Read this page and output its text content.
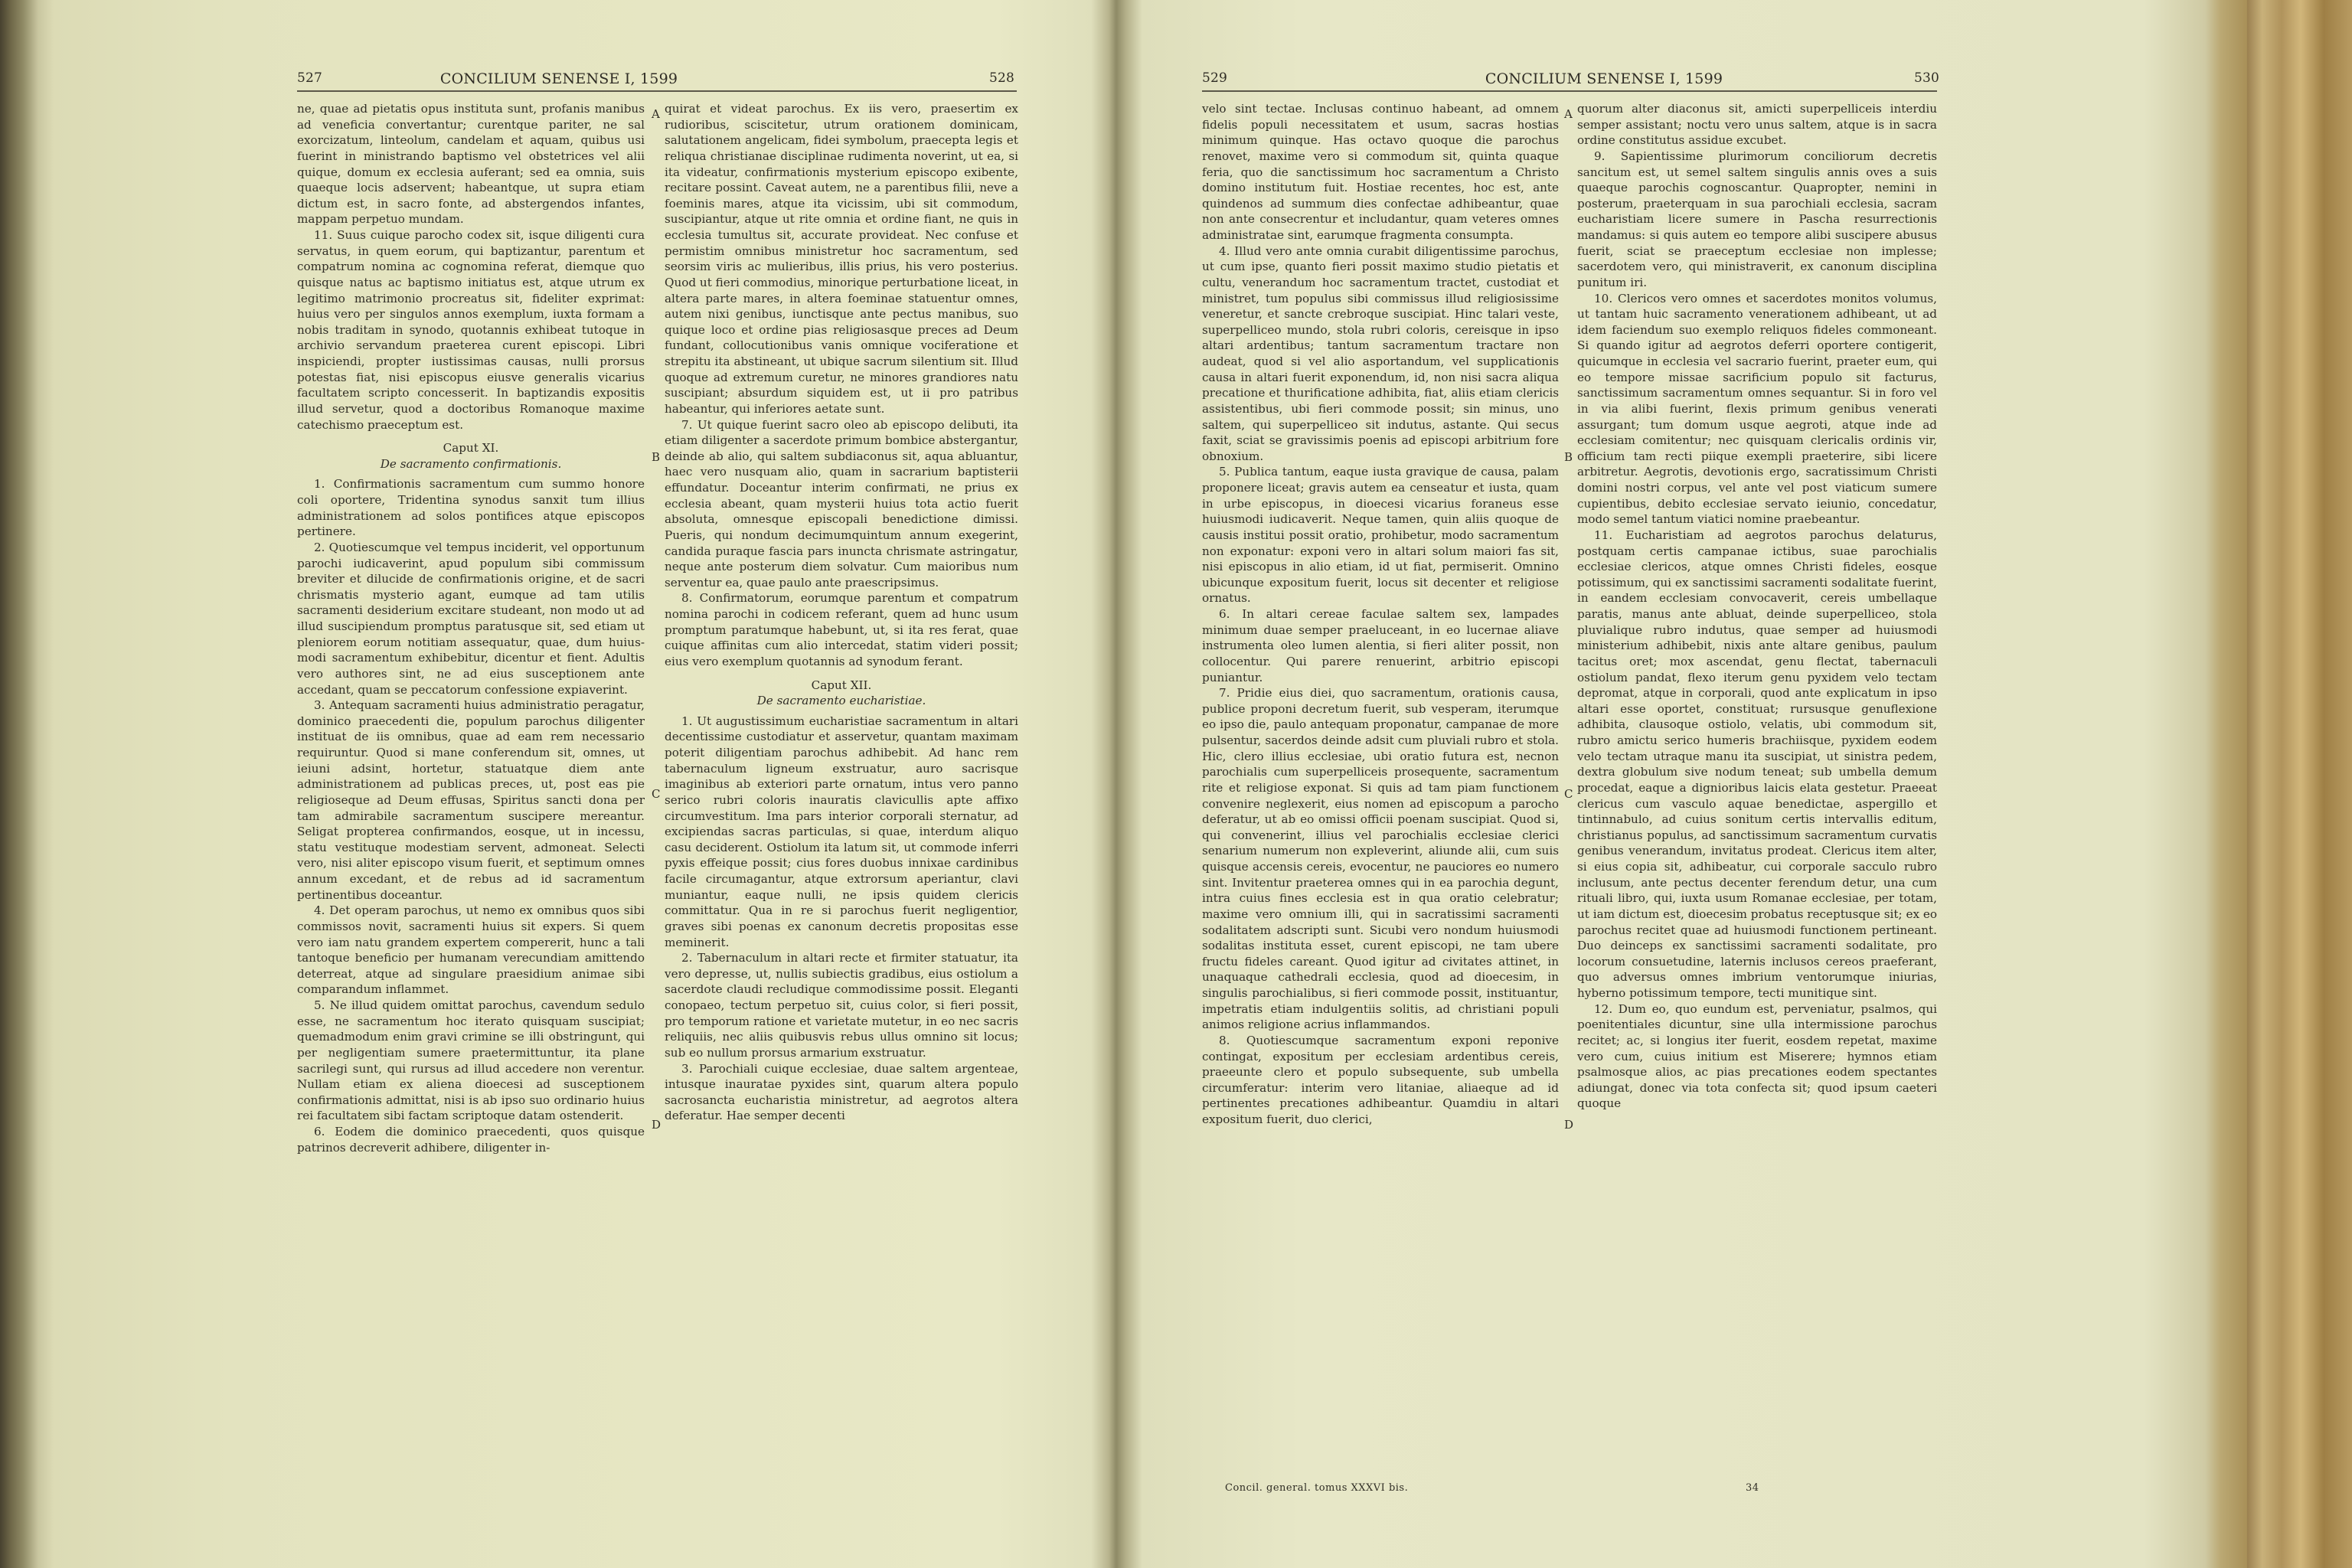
527	CONCILIUM SENENSE I, 1599	528

ne, quae ad pietatis opus instituta sunt, profanis manibus ad veneficia convertantur; curentque pariter, ne sal exorcizatum, linteolum, candelam et aquam, quibus usi fuerint in ministrando baptismo vel obstetrices vel alii quique, domum ex ecclesia auferant; sed ea omnia, suis quaeque locis adservent; habeantque, ut supra etiam dictum est, in sacro fonte, ad abstergendos infantes, mappam perpetuo mundam.

11. Suus cuique parocho codex sit, isque diligenti cura servatus, in quem eorum, qui baptizantur, parentum et compatrum nomina ac cognomina referat, diemque quo quisque natus ac baptismo initiatus est, atque utrum ex legitimo matrimonio procreatus sit, fideliter exprimat: huius vero per singulos annos exemplum, iuxta formam a nobis traditam in synodo, quotannis exhibeat tutoque in archivio servandum praeterea curent episcopi. Libri inspiciendi, propter iustissimas causas, nulli prorsus potestas fiat, nisi episcopus eiusve generalis vicarius facultatem scripto concesserit. In baptizandis expositis illud servetur, quod a doctoribus Romanoque maxime catechismo praeceptum est.

Caput XI.

De sacramento confirmationis.

1. Confirmationis sacramentum cum summo honore coli oportere, Tridentina synodus sanxit tum illius administrationem ad solos pontifices atque episcopos pertinere.

2. Quotiescumque vel tempus inciderit, vel opportunum parochi iudicaverint, apud populum sibi commissum breviter et dilucide de confirmationis origine, et de sacri chrismatis mysterio agant, eumque ad tam utilis sacramenti desiderium excitare studeant, non modo ut ad illud suscipiendum promptus paratusque sit, sed etiam ut pleniorem eorum notitiam assequatur, quae, dum huiusmodi sacramentum exhibebitur, dicentur et fient. Adultis vero authores sint, ne ad eius susceptionem ante accedant, quam se peccatorum confessione expiaverint.

3. Antequam sacramenti huius administratio peragatur, dominico praecedenti die, populum parochus diligenter instituat de iis omnibus, quae ad eam rem necessario requiruntur. Quod si mane conferendum sit, omnes, ut ieiuni adsint, hortetur, statuatque diem ante administrationem ad publicas preces, ut, post eas pie religioseque ad Deum effusas, Spiritus sancti dona per tam admirabile sacramentum suscipere mereantur. Seligat propterea confirmandos, eosque, ut in incessu, statu vestituque modestiam servent, admoneat. Selecti vero, nisi aliter episcopo visum fuerit, et septimum omnes annum excedant, et de rebus ad id sacramentum pertinentibus doceantur.

4. Det operam parochus, ut nemo ex omnibus quos sibi commissos novit, sacramenti huius sit expers. Si quem vero iam natu grandem expertem compererit, hunc a tali tantoque beneficio per humanam verecundiam amittendo deterreat, atque ad singulare praesidium animae sibi comparandum inflammet.

5. Ne illud quidem omittat parochus, cavendum sedulo esse, ne sacramentum hoc iterato quisquam suscipiat; quemadmodum enim gravi crimine se illi obstringunt, qui per negligentiam sumere praetermittuntur, ita plane sacrilegi sunt, qui rursus ad illud accedere non verentur. Nullam etiam ex aliena dioecesi ad susceptionem confirmationis admittat, nisi is ab ipso suo ordinario huius rei facultatem sibi factam scriptoque datam ostenderit.

6. Eodem die dominico praecedenti, quos quisque patrinos decreverit adhibere, diligenter in-

A
B
C
D

quirat et videat parochus. Ex iis vero, praesertim ex rudioribus, sciscitetur, utrum orationem dominicam, salutationem angelicam, fidei symbolum, praecepta legis et reliqua christianae disciplinae rudimenta noverint, ut ea, si ita videatur, confirmationis mysterium episcopo exibente, recitare possint. Caveat autem, ne a parentibus filii, neve a foeminis mares, atque ita vicissim, ubi sit commodum, suscipiantur, atque ut rite omnia et ordine fiant, ne quis in ecclesia tumultus sit, accurate provideat. Nec confuse et permistim omnibus ministretur hoc sacramentum, sed seorsim viris ac mulieribus, illis prius, his vero posterius. Quod ut fieri commodius, minorique perturbatione liceat, in altera parte mares, in altera foeminae statuentur omnes, autem nixi genibus, iunctisque ante pectus manibus, suo quique loco et ordine pias religiosasque preces ad Deum fundant, collocutionibus vanis omnique vociferatione et strepitu ita abstineant, ut ubique sacrum silentium sit. Illud quoque ad extremum curetur, ne minores grandiores natu suscipiant; absurdum siquidem est, ut ii pro patribus habeantur, qui inferiores aetate sunt.

7. Ut quique fuerint sacro oleo ab episcopo delibuti, ita etiam diligenter a sacerdote primum bombice abstergantur, deinde ab alio, qui saltem subdiaconus sit, aqua abluantur, haec vero nusquam alio, quam in sacrarium baptisterii effundatur. Doceantur interim confirmati, ne prius ex ecclesia abeant, quam mysterii huius tota actio fuerit absoluta, omnesque episcopali benedictione dimissi. Pueris, qui nondum decimumquintum annum exegerint, candida puraque fascia pars inuncta chrismate astringatur, neque ante posterum diem solvatur. Cum maioribus num serventur ea, quae paulo ante praescripsimus.

8. Confirmatorum, eorumque parentum et compatrum nomina parochi in codicem referant, quem ad hunc usum promptum paratumque habebunt, ut, si ita res ferat, quae cuique affinitas cum alio intercedat, statim videri possit; eius vero exemplum quotannis ad synodum ferant.

Caput XII.

De sacramento eucharistiae.

1. Ut augustissimum eucharistiae sacramentum in altari decentissime custodiatur et asservetur, quantam maximam poterit diligentiam parochus adhibebit. Ad hanc rem tabernaculum ligneum exstruatur, auro sacrisque imaginibus ab exteriori parte ornatum, intus vero panno serico rubri coloris inauratis clavicullis apte affixo circumvestitum. Ima pars interior corporali sternatur, ad excipiendas sacras particulas, si quae, interdum aliquo casu deciderent. Ostiolum ita latum sit, ut commode inferri pyxis effeique possit; cius fores duobus innixae cardinibus facile circumagantur, atque extrorsum aperiantur, clavi muniantur, eaque nulli, ne ipsis quidem clericis committatur. Qua in re si parochus fuerit negligentior, graves sibi poenas ex canonum decretis propositas esse meminerit.

2. Tabernaculum in altari recte et firmiter statuatur, ita vero depresse, ut, nullis subiectis gradibus, eius ostiolum a sacerdote claudi recludique commodissime possit. Eleganti conopaeo, tectum perpetuo sit, cuius color, si fieri possit, pro temporum ratione et varietate mutetur, in eo nec sacris reliquiis, nec aliis quibusvis rebus ullus omnino sit locus; sub eo nullum prorsus armarium exstruatur.

3. Parochiali cuique ecclesiae, duae saltem argenteae, intusque inauratae pyxides sint, quarum altera populo sacrosancta eucharistia ministretur, ad aegrotos altera deferatur. Hae semper decenti

529	CONCILIUM SENENSE I, 1599	530

velo sint tectae. Inclusas continuo habeant, ad omnem fidelis populi necessitatem et usum, sacras hostias minimum quinque. Has octavo quoque die parochus renovet, maxime vero si commodum sit, quinta quaque feria, quo die sanctissimum hoc sacramentum a Christo domino institutum fuit. Hostiae recentes, hoc est, ante quindenos ad summum dies confectae adhibeantur, quae non ante consecrentur et includantur, quam veteres omnes administratae sint, earumque fragmenta consumpta.

4. Illud vero ante omnia curabit diligentissime parochus, ut cum ipse, quanto fieri possit maximo studio pietatis et cultu, venerandum hoc sacramentum tractet, custodiat et ministret, tum populus sibi commissus illud religiosissime veneretur, et sancte crebroque suscipiat. Hinc talari veste, superpelliceo mundo, stola rubri coloris, cereisque in ipso altari ardentibus; tantum sacramentum tractare non audeat, quod si vel alio asportandum, vel supplicationis causa in altari fuerit exponendum, id, non nisi sacra aliqua precatione et thurificatione adhibita, fiat, aliis etiam clericis assistentibus, ubi fieri commode possit; sin minus, uno saltem, qui superpelliceo sit indutus, astante. Qui secus faxit, sciat se gravissimis poenis ad episcopi arbitrium fore obnoxium.

5. Publica tantum, eaque iusta gravique de causa, palam proponere liceat; gravis autem ea censeatur et iusta, quam in urbe episcopus, in dioecesi vicarius foraneus esse huiusmodi iudicaverit. Neque tamen, quin aliis quoque de causis institui possit oratio, prohibetur, modo sacramentum non exponatur: exponi vero in altari solum maiori fas sit, nisi episcopus in alio etiam, id ut fiat, permiserit. Omnino ubicunque expositum fuerit, locus sit decenter et religiose ornatus.

6. In altari cereae faculae saltem sex, lampades minimum duae semper praeluceant, in eo lucernae aliave instrumenta oleo lumen alentia, si fieri aliter possit, non collocentur. Qui parere renuerint, arbitrio episcopi puniantur.

7. Pridie eius diei, quo sacramentum, orationis causa, publice proponi decretum fuerit, sub vesperam, iterumque eo ipso die, paulo antequam proponatur, campanae de more pulsentur, sacerdos deinde adsit cum pluviali rubro et stola. Hic, clero illius ecclesiae, ubi oratio futura est, necnon parochialis cum superpelliceis prosequente, sacramentum rite et religiose exponat. Si quis ad tam piam functionem convenire neglexerit, eius nomen ad episcopum a parocho deferatur, ut ab eo omissi officii poenam suscipiat. Quod si, qui convenerint, illius vel parochialis ecclesiae clerici senarium numerum non expleverint, aliunde alii, cum suis quisque accensis cereis, evocentur, ne pauciores eo numero sint. Invitentur praeterea omnes qui in ea parochia degunt, intra cuius fines ecclesia est in qua oratio celebratur; maxime vero omnium illi, qui in sacratissimi sacramenti sodalitatem adscripti sunt. Sicubi vero nondum huiusmodi sodalitas instituta esset, curent episcopi, ne tam ubere fructu fideles careant. Quod igitur ad civitates attinet, in unaquaque cathedrali ecclesia, quod ad dioecesim, in singulis parochialibus, si fieri commode possit, instituantur, impetratis etiam indulgentiis solitis, ad christiani populi animos religione acrius inflammandos.

8. Quotiescumque sacramentum exponi reponive contingat, expositum per ecclesiam ardentibus cereis, praeeunte clero et populo subsequente, sub umbella circumferatur: interim vero litaniae, aliaeque ad id pertinentes precationes adhibeantur. Quamdiu in altari expositum fuerit, duo clerici,

A
B
C
D

quorum alter diaconus sit, amicti superpelliceis interdiu semper assistant; noctu vero unus saltem, atque is in sacra ordine constitutus assidue excubet.

9. Sapientissime plurimorum conciliorum decretis sancitum est, ut semel saltem singulis annis oves a suis quaeque parochis cognoscantur. Quapropter, nemini in posterum, praeterquam in sua parochiali ecclesia, sacram eucharistiam licere sumere in Pascha resurrectionis mandamus: si quis autem eo tempore alibi suscipere abusus fuerit, sciat se praeceptum ecclesiae non implesse; sacerdotem vero, qui ministraverit, ex canonum disciplina punitum iri.

10. Clericos vero omnes et sacerdotes monitos volumus, ut tantam huic sacramento venerationem adhibeant, ut ad idem faciendum suo exemplo reliquos fideles commoneant. Si quando igitur ad aegrotos deferri oportere contigerit, quicumque in ecclesia vel sacrario fuerint, praeter eum, qui eo tempore missae sacrificium populo sit facturus, sanctissimum sacramentum omnes sequantur. Si in foro vel in via alibi fuerint, flexis primum genibus venerati assurgant; tum domum usque aegroti, atque inde ad ecclesiam comitentur; nec quisquam clericalis ordinis vir, officium tam recti piique exempli praeterire, sibi licere arbitretur. Aegrotis, devotionis ergo, sacratissimum Christi domini nostri corpus, vel ante vel post viaticum sumere cupientibus, debito ecclesiae servato ieiunio, concedatur, modo semel tantum viatici nomine praebeantur.

11. Eucharistiam ad aegrotos parochus delaturus, postquam certis campanae ictibus, suae parochialis ecclesiae clericos, atque omnes Christi fideles, eosque potissimum, qui ex sanctissimi sacramenti sodalitate fuerint, in eandem ecclesiam convocaverit, cereis umbellaque paratis, manus ante abluat, deinde superpelliceo, stola pluvialique rubro indutus, quae semper ad huiusmodi ministerium adhibebit, nixis ante altare genibus, paulum tacitus oret; mox ascendat, genu flectat, tabernaculi ostiolum pandat, flexo iterum genu pyxidem velo tectam depromat, atque in corporali, quod ante explicatum in ipso altari esse oportet, constituat; rursusque genuflexione adhibita, clausoque ostiolo, velatis, ubi commodum sit, rubro amictu serico humeris brachiisque, pyxidem eodem velo tectam utraque manu ita suscipiat, ut sinistra pedem, dextra globulum sive nodum teneat; sub umbella demum procedat, eaque a dignioribus laicis elata gestetur. Praeeat clericus cum vasculo aquae benedictae, aspergillo et tintinnabulo, ad cuius sonitum certis intervallis editum, christianus populus, ad sanctissimum sacramentum curvatis genibus venerandum, invitatus prodeat. Clericus item alter, si eius copia sit, adhibeatur, cui corporale sacculo rubro inclusum, ante pectus decenter ferendum detur, una cum rituali libro, qui, iuxta usum Romanae ecclesiae, per totam, ut iam dictum est, dioecesim probatus receptusque sit; ex eo parochus recitet quae ad huiusmodi functionem pertineant. Duo deinceps ex sanctissimi sacramenti sodalitate, pro locorum consuetudine, laternis inclusos cereos praeferant, quo adversus omnes imbrium ventorumque iniurias, hyberno potissimum tempore, tecti munitique sint.

12. Dum eo, quo eundum est, perveniatur, psalmos, qui poenitentiales dicuntur, sine ulla intermissione parochus recitet; ac, si longius iter fuerit, eosdem repetat, maxime vero cum, cuius initium est Miserere; hymnos etiam psalmosque alios, ac pias precationes eodem spectantes adiungat, donec via tota confecta sit; quod ipsum caeteri quoque

Concil. general. tomus XXXVI bis.	34
